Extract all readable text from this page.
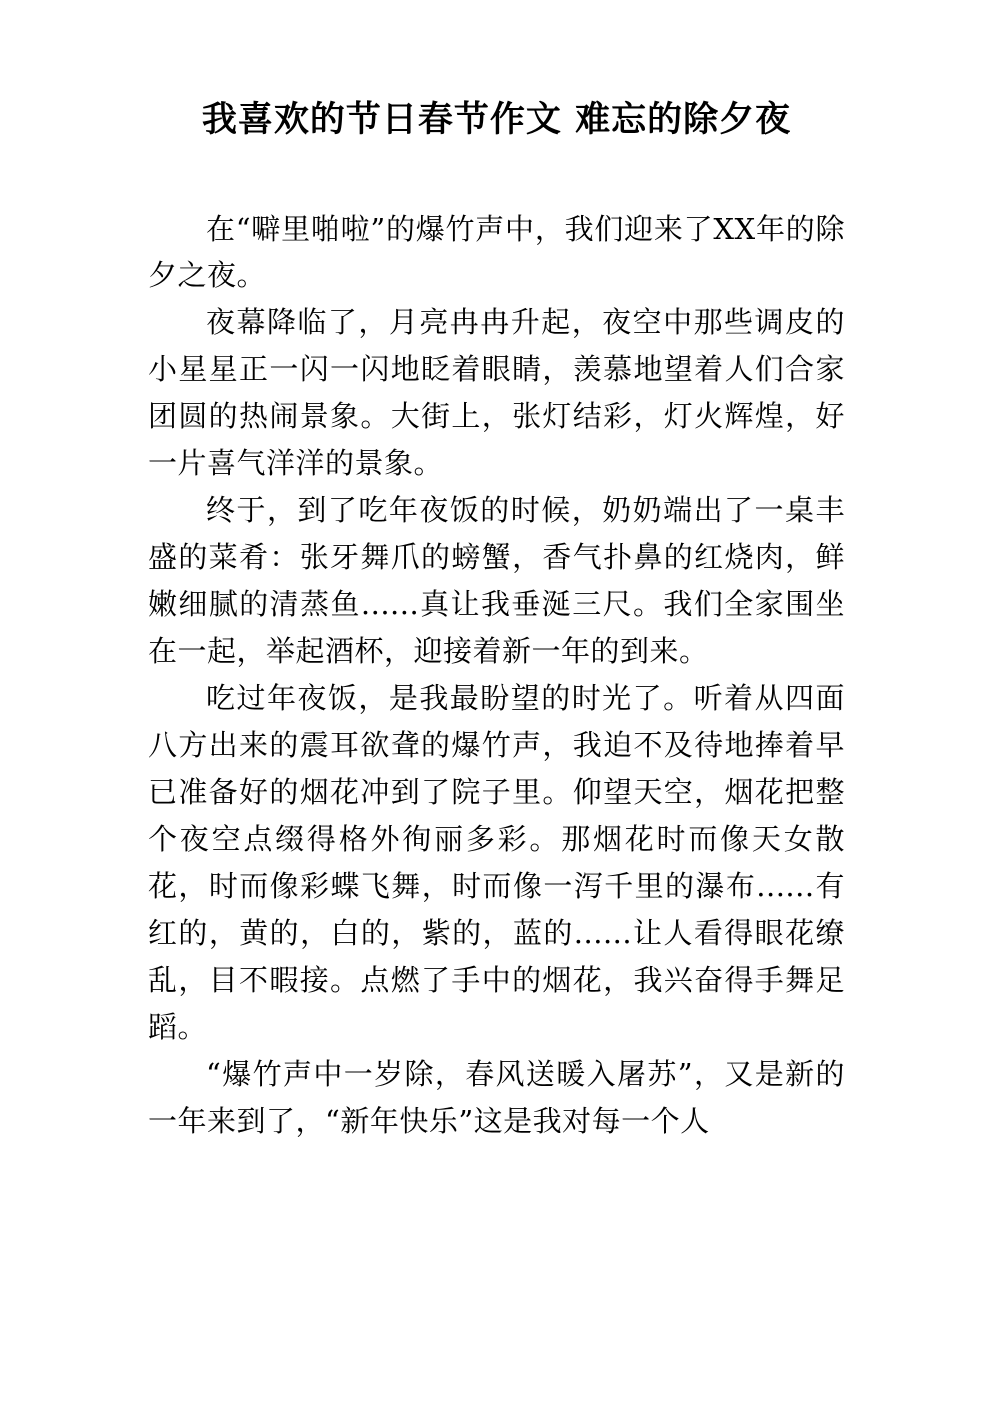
我喜欢的节日春节作文 难忘的除夕夜

在“噼里啪啦”的爆竹声中，我们迎来了XX年的除夕之夜。

夜幕降临了，月亮冉冉升起，夜空中那些调皮的小星星正一闪一闪地眨着眼睛，羡慕地望着人们合家团圆的热闹景象。大街上，张灯结彩，灯火辉煌，好一片喜气洋洋的景象。

终于，到了吃年夜饭的时候，奶奶端出了一桌丰盛的菜肴：张牙舞爪的螃蟹，香气扑鼻的红烧肉，鲜嫩细腻的清蒸鱼......真让我垂涎三尺。我们全家围坐在一起，举起酒杯，迎接着新一年的到来。

吃过年夜饭，是我最盼望的时光了。听着从四面八方出来的震耳欲聋的爆竹声，我迫不及待地捧着早已准备好的烟花冲到了院子里。仰望天空，烟花把整个夜空点缀得格外徇丽多彩。那烟花时而像天女散花，时而像彩蝶飞舞，时而像一泻千里的瀑布......有红的，黄的，白的，紫的，蓝的......让人看得眼花缭乱，目不暇接。点燃了手中的烟花，我兴奋得手舞足蹈。

“爆竹声中一岁除，春风送暖入屠苏”，又是新的一年来到了，“新年快乐”这是我对每一个人
